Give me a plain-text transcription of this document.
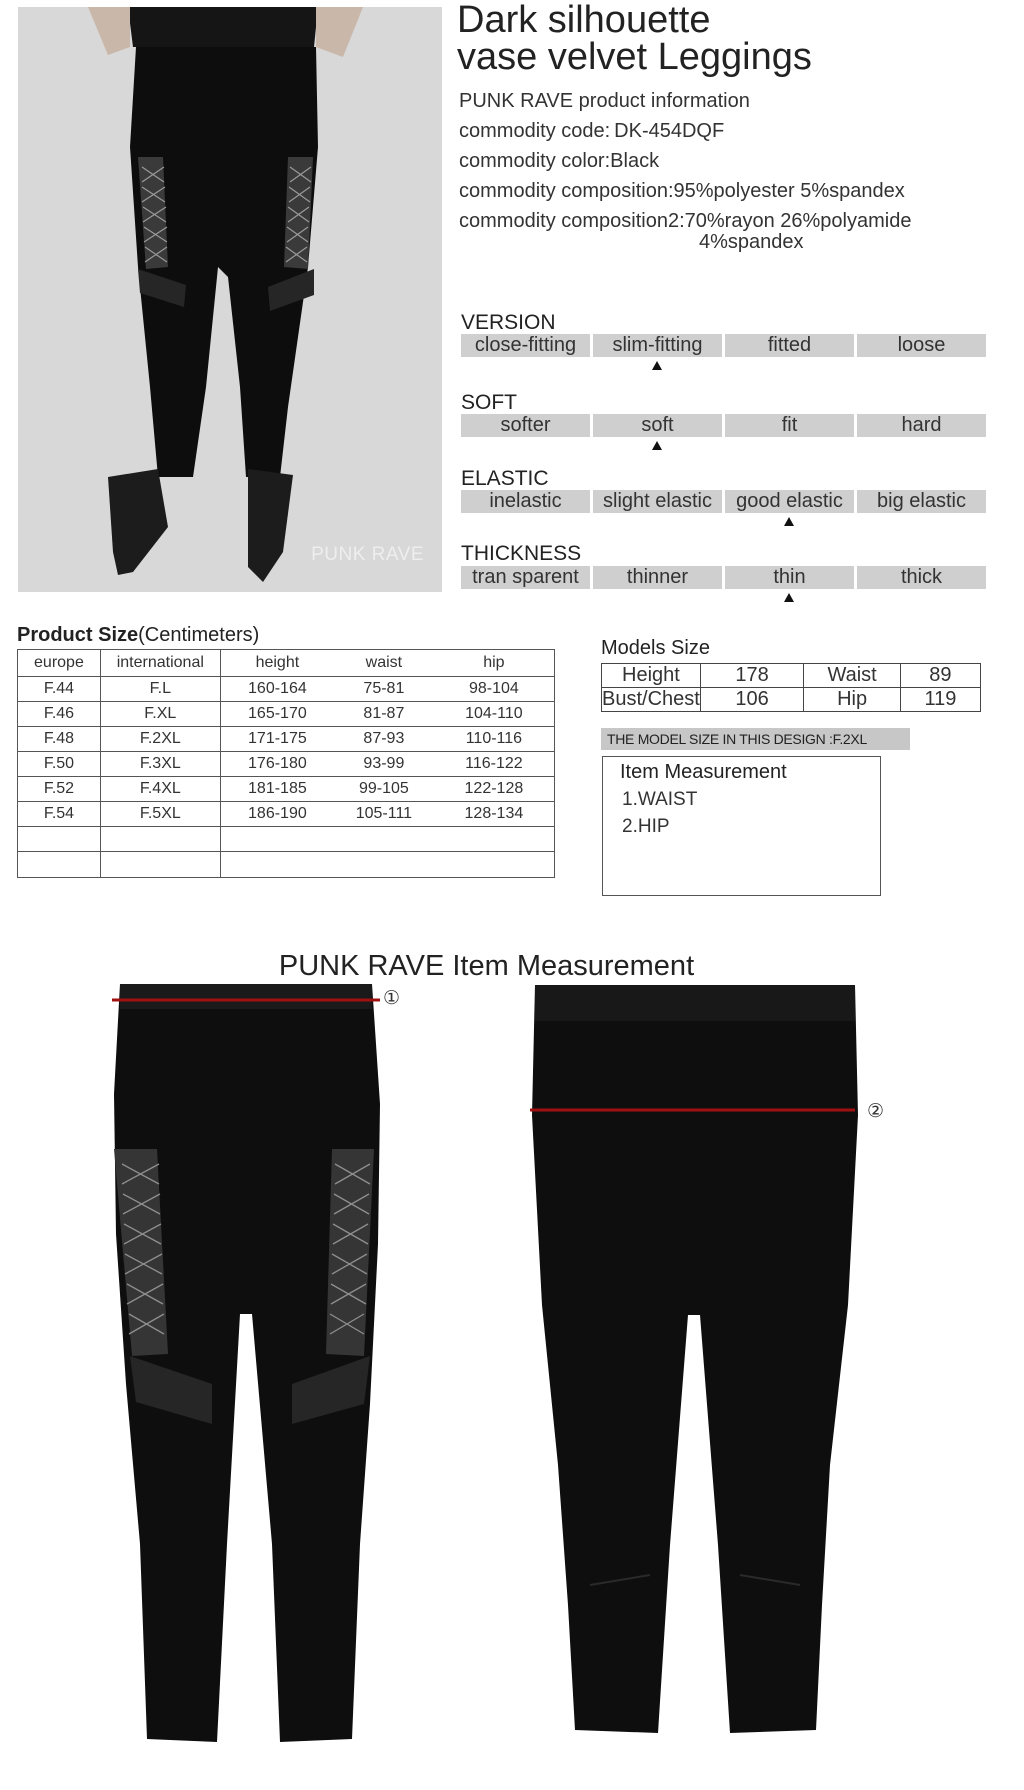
PUNK RAVE
Dark silhouette
vase velvet Leggings
PUNK RAVE product information
commodity code: DK-454DQF
commodity color:Black
commodity composition:95%polyester 5%spandex
commodity composition2:70%rayon 26%polyamide
4%spandex
VERSION
close-fitting	slim-fitting	fitted	loose
SOFT
softer	soft	fit	hard
ELASTIC
inelastic	slight elastic	good elastic	big elastic
THICKNESS
tran sparent	thinner	thin	thick
Product Size(Centimeters)
europe	international	height	waist	hip
F.44	F.L	160-164	75-81	98-104
F.46	F.XL	165-170	81-87	104-110
F.48	F.2XL	171-175	87-93	110-116
F.50	F.3XL	176-180	93-99	116-122
F.52	F.4XL	181-185	99-105	122-128
F.54	F.5XL	186-190	105-111	128-134

Models Size
Height	178	Waist	89
Bust/Chest	106	Hip	119
THE MODEL SIZE IN THIS DESIGN :F.2XL
Item Measurement
1.WAIST
2.HIP
PUNK RAVE Item Measurement
①
②
